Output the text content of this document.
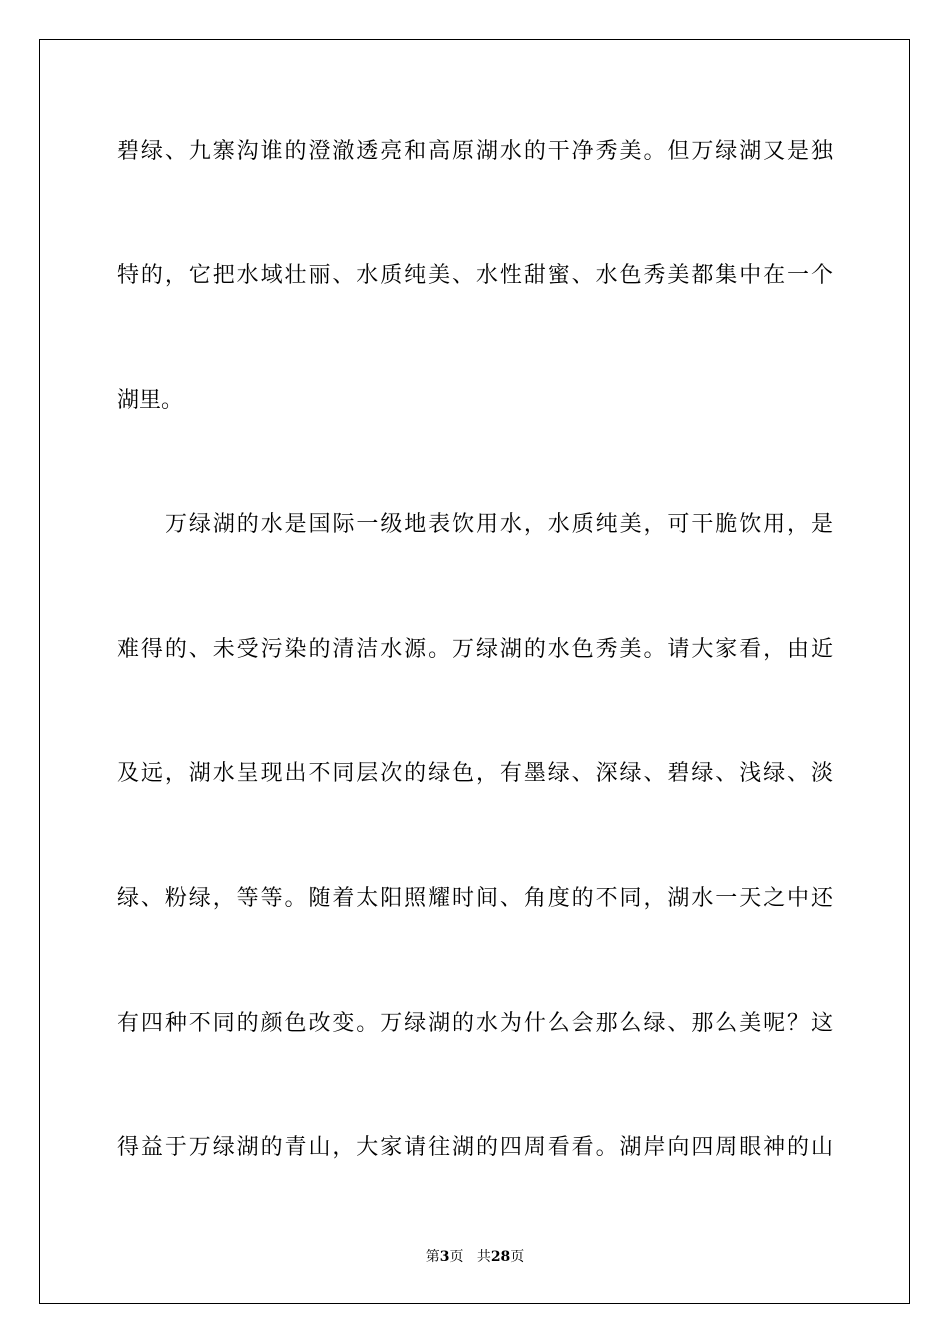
碧绿、九寨沟谁的澄澈透亮和高原湖水的干净秀美。但万绿湖又是独
特的，它把水域壮丽、水质纯美、水性甜蜜、水色秀美都集中在一个
湖里。
万绿湖的水是国际一级地表饮用水，水质纯美，可干脆饮用，是
难得的、未受污染的清洁水源。万绿湖的水色秀美。请大家看，由近
及远，湖水呈现出不同层次的绿色，有墨绿、深绿、碧绿、浅绿、淡
绿、粉绿，等等。随着太阳照耀时间、角度的不同，湖水一天之中还
有四种不同的颜色改变。万绿湖的水为什么会那么绿、那么美呢？这
得益于万绿湖的青山，大家请往湖的四周看看。湖岸向四周眼神的山
第3页 共28页
